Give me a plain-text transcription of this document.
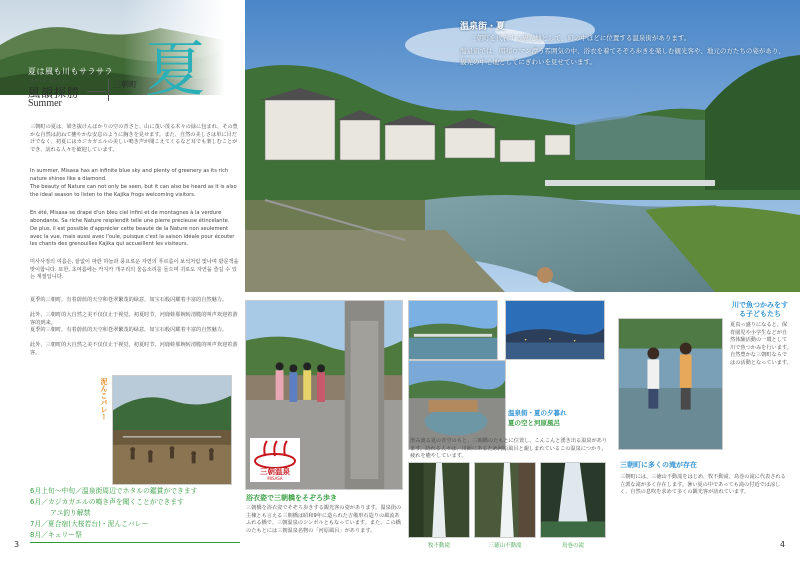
夏は風も川もサラサラ
ふう いん たん しょう
風韻探勝
三朝町
Misasa-cho 夏
Summer
三朝町の夏は、梁き抜けんばかりの空の青さと、山に茂い茂る木々の緑に包まれ、その豊かな自然は訪ねて癒やかな安息のように胸きを見せます。また、自然の美しさは単に目だけでなく、初夏にはカジカガエルの美しい鳴き声が聞こえてくるなど耳でも楽しむことができ、訪れる人々を歓迎しています。
In summer, Misasa has an infinite blue sky and plenty of greenery as its rich nature shines like a diamond.
The beauty of Nature can not only be seen, but it can also be heard as it is also the ideal season to listen to the Kajika frogs welcoming visitors.
En été, Misasa se drape d'un bleu ciel infini et de montagnes à la verdure abondante. Sa riche Nature resplendit telle une pierre précieuse étincelante.
De plus, il est possible d'apprécier cette beauté de la Nature non seulement avec la vue, mais aussi avec l'ouïe, puisque c'est la saison idéale pour écouter les chants des grenouilles Kajika qui accueillent les visiteurs.
미사사정의 여름은, 끝없이 파란 하늘과 풍요로운 자연의 푸르름이 보석처럼 빛나며 방문객을 맞이합니다. 또한, 초여름에는 카지카 개구리의 울음소리를 들으며 귀로도 자연을 즐길 수 있는 계절입니다.
夏季的三朝町，有着蔚蓝的天空和苍翠繁茂的绿意，如宝石般闪耀着丰富的自然魅力。
此外，三朝町的大自然之美不仅仅止于视觉，初夏时节，河鹿蛙那婉转清脆的叫声欢迎着游客的到来。
夏季的三朝町，有着蔚蓝的天空和苍翠繁茂的绿意，如宝石般闪耀着丰富的自然魅力。
此外，三朝町的大自然之美不仅仅止于视觉，初夏时节，河鹿蛙那婉转清脆的叫声欢迎着游客。
泥んこバレー
6月上旬〜中旬／温泉街周辺でホタルの鑑賞ができます
6月／カジカガエルの鳴き声を聞くことができます
アユ釣り解禁
7月／夏合宿(大桜若台)・泥んこバレー
8月／キュリー祭
3
温泉街・夏
三朝町を代表する観光地として、町の中ほどに位置する温泉街があります。
温泉街では、昭和ロマン漂う雰囲気の中、浴衣を着てそぞろ歩きを楽しむ観光客や、地元の方たちの姿があり、観光の中心地としてにぎわいを見せています。
三朝温泉
MISASA
浴衣姿で三朝橋をそぞろ歩き
三朝橋を浴衣姿でそぞろ歩きする観光客の姿があります。温泉街の主棟とも言える三朝橋は昭和9年に造られた吉備形石造りの風流あふれる橋で、三朝温泉のシンボルともなっています。また、この橋のたもとには三朝温泉名物の「河原風呂」があります。
温泉街・夏の夕暮れ
夏の空と河原風呂
澄み渡る夏の青空のもと、三朝橋のたもとに位置し、こんこんと湧き出る温泉があります。訪れる人々は、川面にあるため河原風呂と親しまれているこの温泉につかり、疲れを癒やしています。
牧不動滝	三徳山不動滝	鳥巻の滝
川で魚つかみをする子どもたち
夏真っ盛りになると、保育園児や小学生などが自然体験活動の一環として川で魚つかみを行います。自然豊かな三朝町ならではの活動となっています。
三朝町に多くの滝が存在
三朝町には、三徳山不動滝をはじめ、牧不動滝、鳥巻の滝に代表される立派な滝が多く存在します。暑い夏の中であっても滝の付近では涼しく、自然の息吹を求めて多くの観光客が訪れています。
4
